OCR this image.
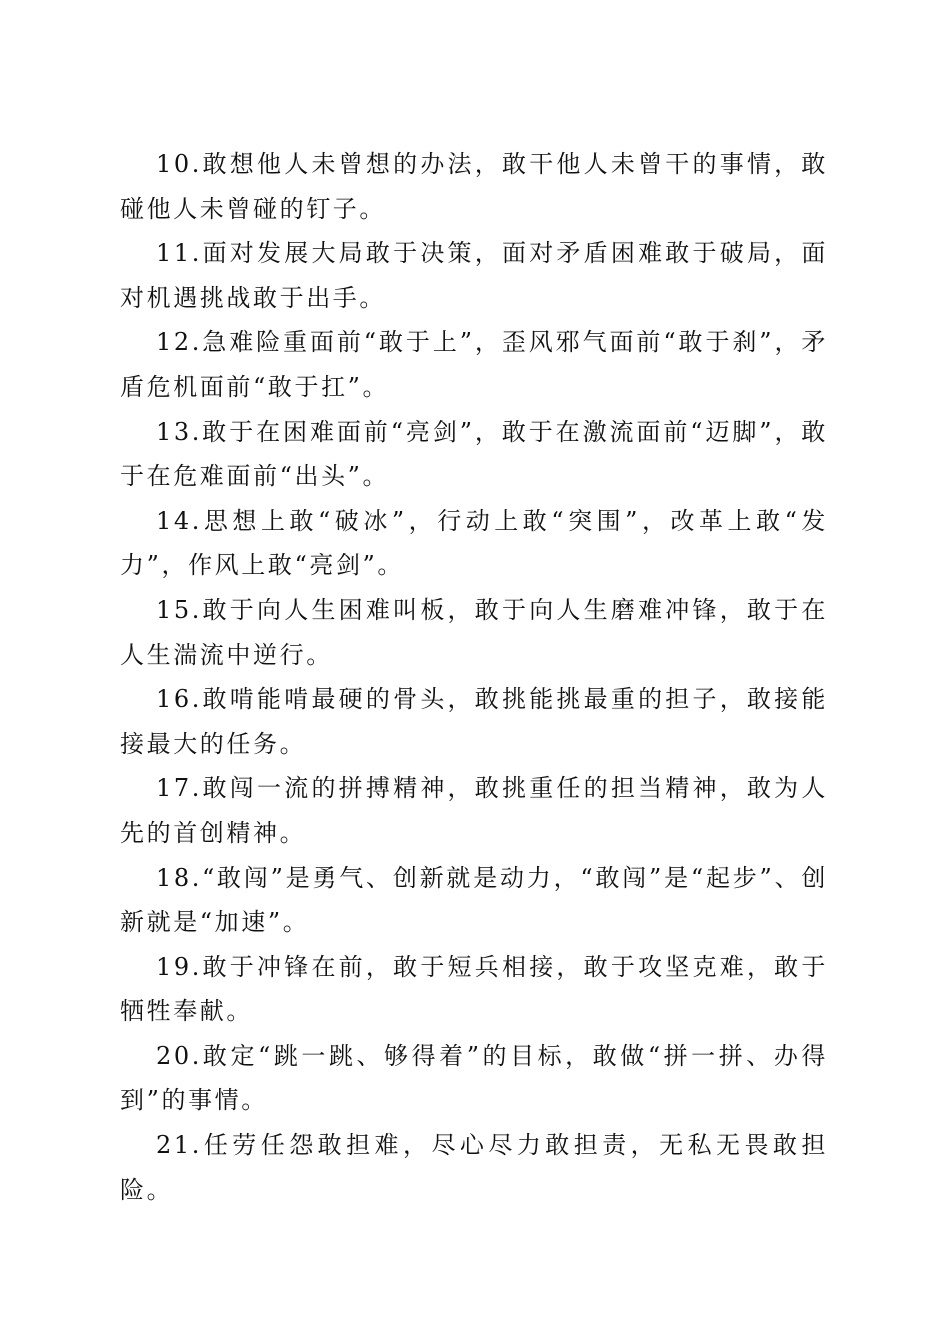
10.敢想他人未曾想的办法，敢干他人未曾干的事情，敢碰他人未曾碰的钉子。

11.面对发展大局敢于决策，面对矛盾困难敢于破局，面对机遇挑战敢于出手。

12.急难险重面前“敢于上”，歪风邪气面前“敢于刹”，矛盾危机面前“敢于扛”。

13.敢于在困难面前“亮剑”，敢于在激流面前“迈脚”，敢于在危难面前“出头”。

14.思想上敢“破冰”，行动上敢“突围”，改革上敢“发力”，作风上敢“亮剑”。

15.敢于向人生困难叫板，敢于向人生磨难冲锋，敢于在人生湍流中逆行。

16.敢啃能啃最硬的骨头，敢挑能挑最重的担子，敢接能接最大的任务。

17.敢闯一流的拼搏精神，敢挑重任的担当精神，敢为人先的首创精神。

18.“敢闯”是勇气、创新就是动力，“敢闯”是“起步”、创新就是“加速”。

19.敢于冲锋在前，敢于短兵相接，敢于攻坚克难，敢于牺牲奉献。

20.敢定“跳一跳、够得着”的目标，敢做“拼一拼、办得到”的事情。

21.任劳任怨敢担难，尽心尽力敢担责，无私无畏敢担险。
